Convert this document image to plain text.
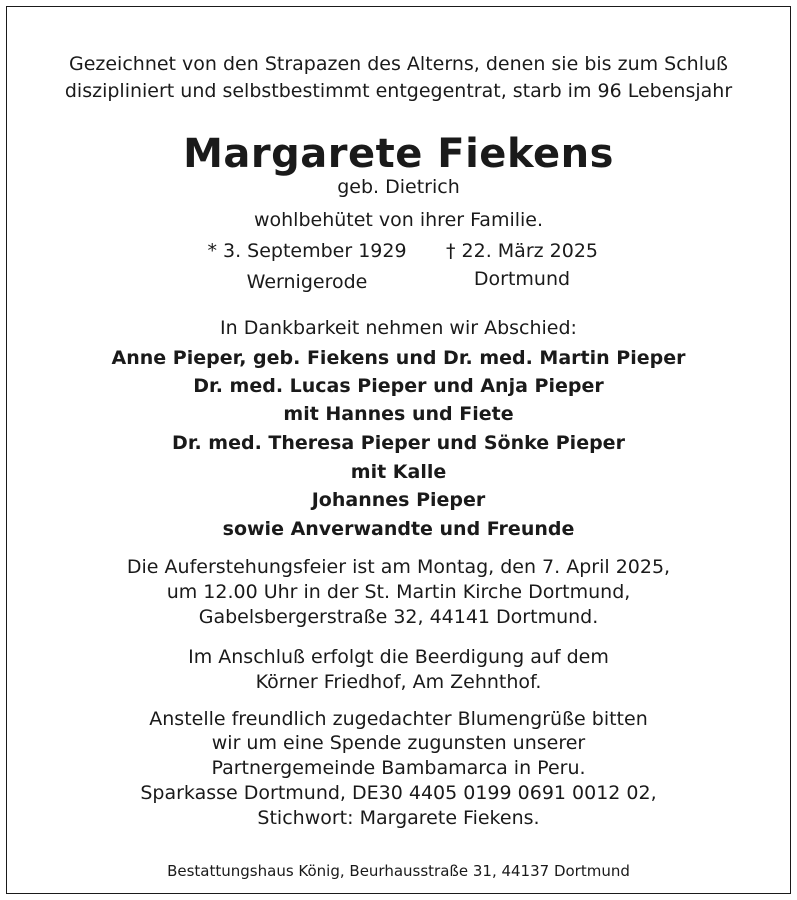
Gezeichnet von den Strapazen des Alterns, denen sie bis zum Schluß
diszipliniert und selbstbestimmt entgegentrat, starb im 96 Lebensjahr
Margarete Fiekens
geb. Dietrich
wohlbehütet von ihrer Familie.
* 3. September 1929	† 22. März 2025
Wernigerode	Dortmund
In Dankbarkeit nehmen wir Abschied:
Anne Pieper, geb. Fiekens und Dr. med. Martin Pieper
Dr. med. Lucas Pieper und Anja Pieper
mit Hannes und Fiete
Dr. med. Theresa Pieper und Sönke Pieper
mit Kalle
Johannes Pieper
sowie Anverwandte und Freunde
Die Auferstehungsfeier ist am Montag, den 7. April 2025,
um 12.00 Uhr in der St. Martin Kirche Dortmund,
Gabelsbergerstraße 32, 44141 Dortmund.
Im Anschluß erfolgt die Beerdigung auf dem
Körner Friedhof, Am Zehnthof.
Anstelle freundlich zugedachter Blumengrüße bitten
wir um eine Spende zugunsten unserer
Partnergemeinde Bambamarca in Peru.
Sparkasse Dortmund, DE30 4405 0199 0691 0012 02,
Stichwort: Margarete Fiekens.
Bestattungshaus König, Beurhausstraße 31, 44137 Dortmund
